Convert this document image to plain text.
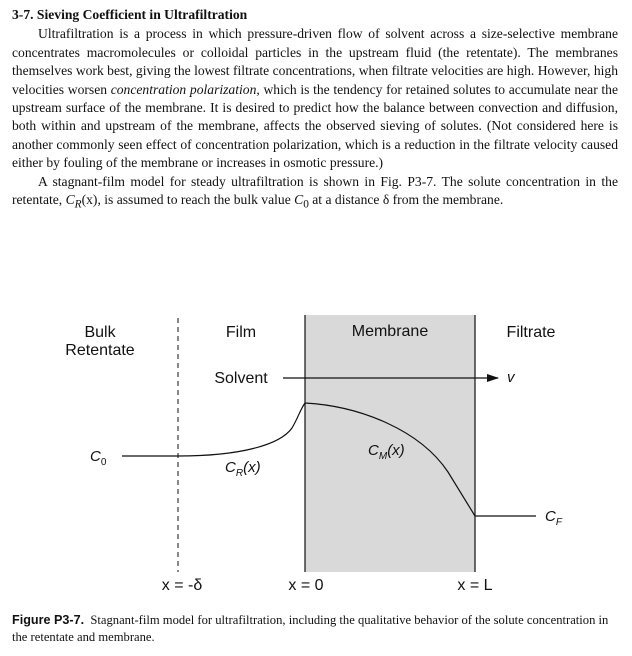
3-7. Sieving Coefficient in Ultrafiltration

Ultrafiltration is a process in which pressure-driven flow of solvent across a size-selective membrane concentrates macromolecules or colloidal particles in the upstream fluid (the retentate). The membranes themselves work best, giving the lowest filtrate concentrations, when filtrate velocities are high. However, high velocities worsen concentration polarization, which is the tendency for retained solutes to accumulate near the upstream surface of the membrane. It is desired to predict how the balance between convection and diffusion, both within and upstream of the membrane, affects the observed sieving of solutes. (Not considered here is another commonly seen effect of concentration polarization, which is a reduction in the filtrate velocity caused either by fouling of the membrane or increases in osmotic pressure.)

A stagnant-film model for steady ultrafiltration is shown in Fig. P3-7. The solute concentration in the retentate, $C_R(x)$, is assumed to reach the bulk value $C_0$ at a distance δ from the membrane.

Bulk
Retentate
Film	Membrane	Filtrate
Solvent	v
$C_0$	$C_R(x)$
$C_M(x)$
$C_F$
x = -δ	x = 0	x = L
Figure P3-7. Stagnant-film model for ultrafiltration, including the qualitative behavior of the solute concentration in the retentate and membrane.
